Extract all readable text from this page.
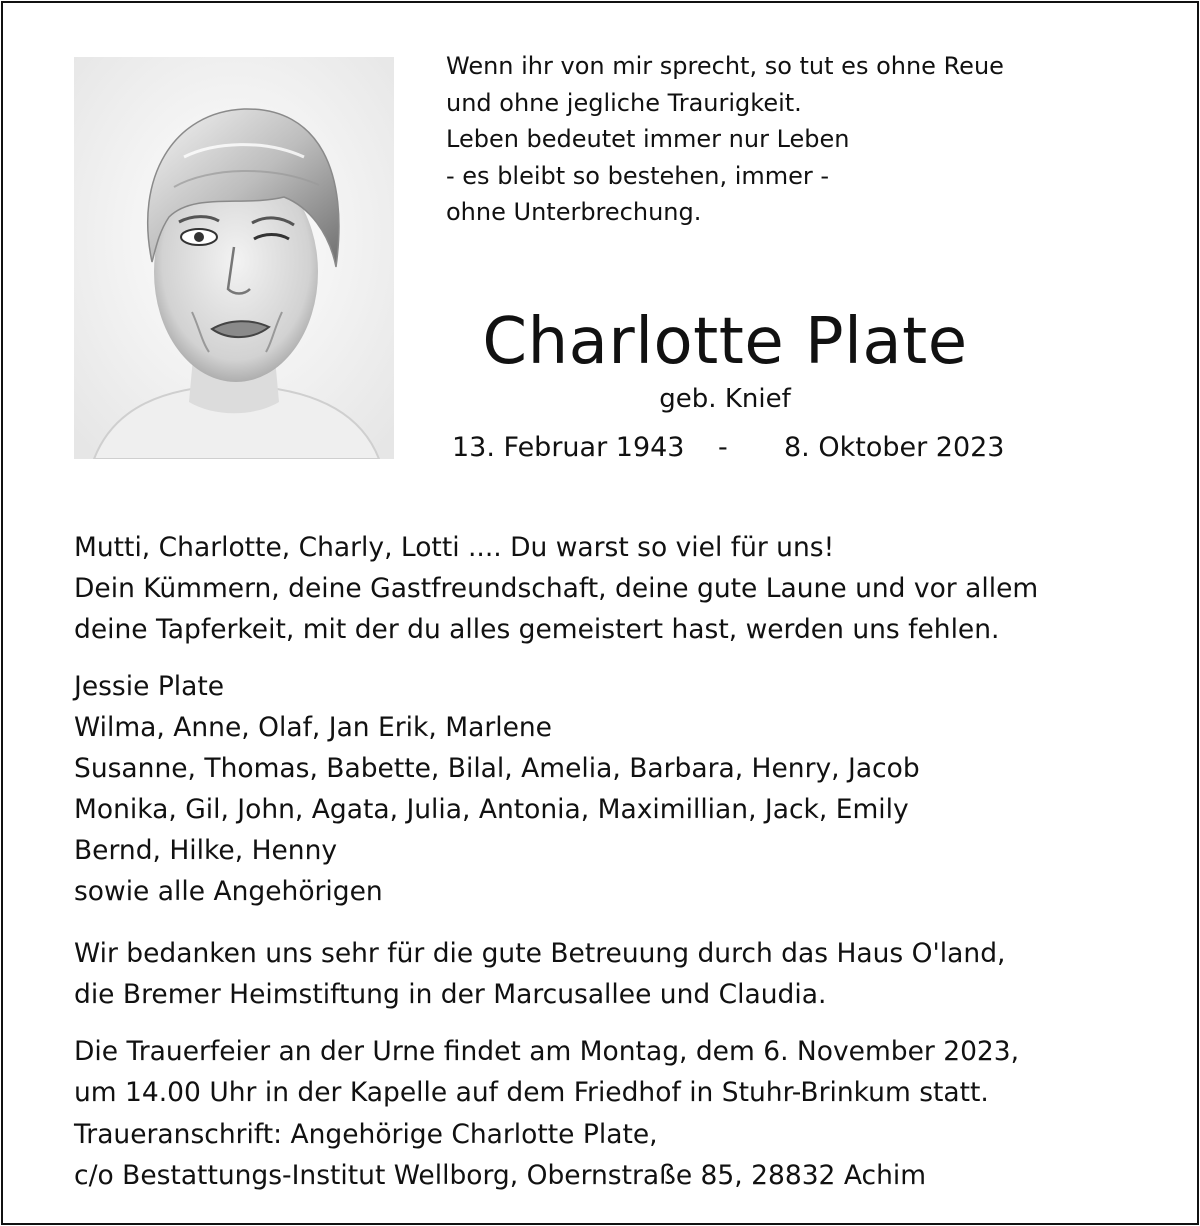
Wenn ihr von mir sprecht, so tut es ohne Reue
und ohne jegliche Traurigkeit.
Leben bedeutet immer nur Leben
- es bleibt so bestehen, immer -
ohne Unterbrechung.
Charlotte Plate
geb. Knief
13. Februar 1943 - 8. Oktober 2023
Mutti, Charlotte, Charly, Lotti .... Du warst so viel für uns!
Dein Kümmern, deine Gastfreundschaft, deine gute Laune und vor allem
deine Tapferkeit, mit der du alles gemeistert hast, werden uns fehlen.
Jessie Plate
Wilma, Anne, Olaf, Jan Erik, Marlene
Susanne, Thomas, Babette, Bilal, Amelia, Barbara, Henry, Jacob
Monika, Gil, John, Agata, Julia, Antonia, Maximillian, Jack, Emily
Bernd, Hilke, Henny
sowie alle Angehörigen
Wir bedanken uns sehr für die gute Betreuung durch das Haus O'land,
die Bremer Heimstiftung in der Marcusallee und Claudia.
Die Trauerfeier an der Urne findet am Montag, dem 6. November 2023,
um 14.00 Uhr in der Kapelle auf dem Friedhof in Stuhr-Brinkum statt.
Traueranschrift: Angehörige Charlotte Plate,
c/o Bestattungs-Institut Wellborg, Obernstraße 85, 28832 Achim
